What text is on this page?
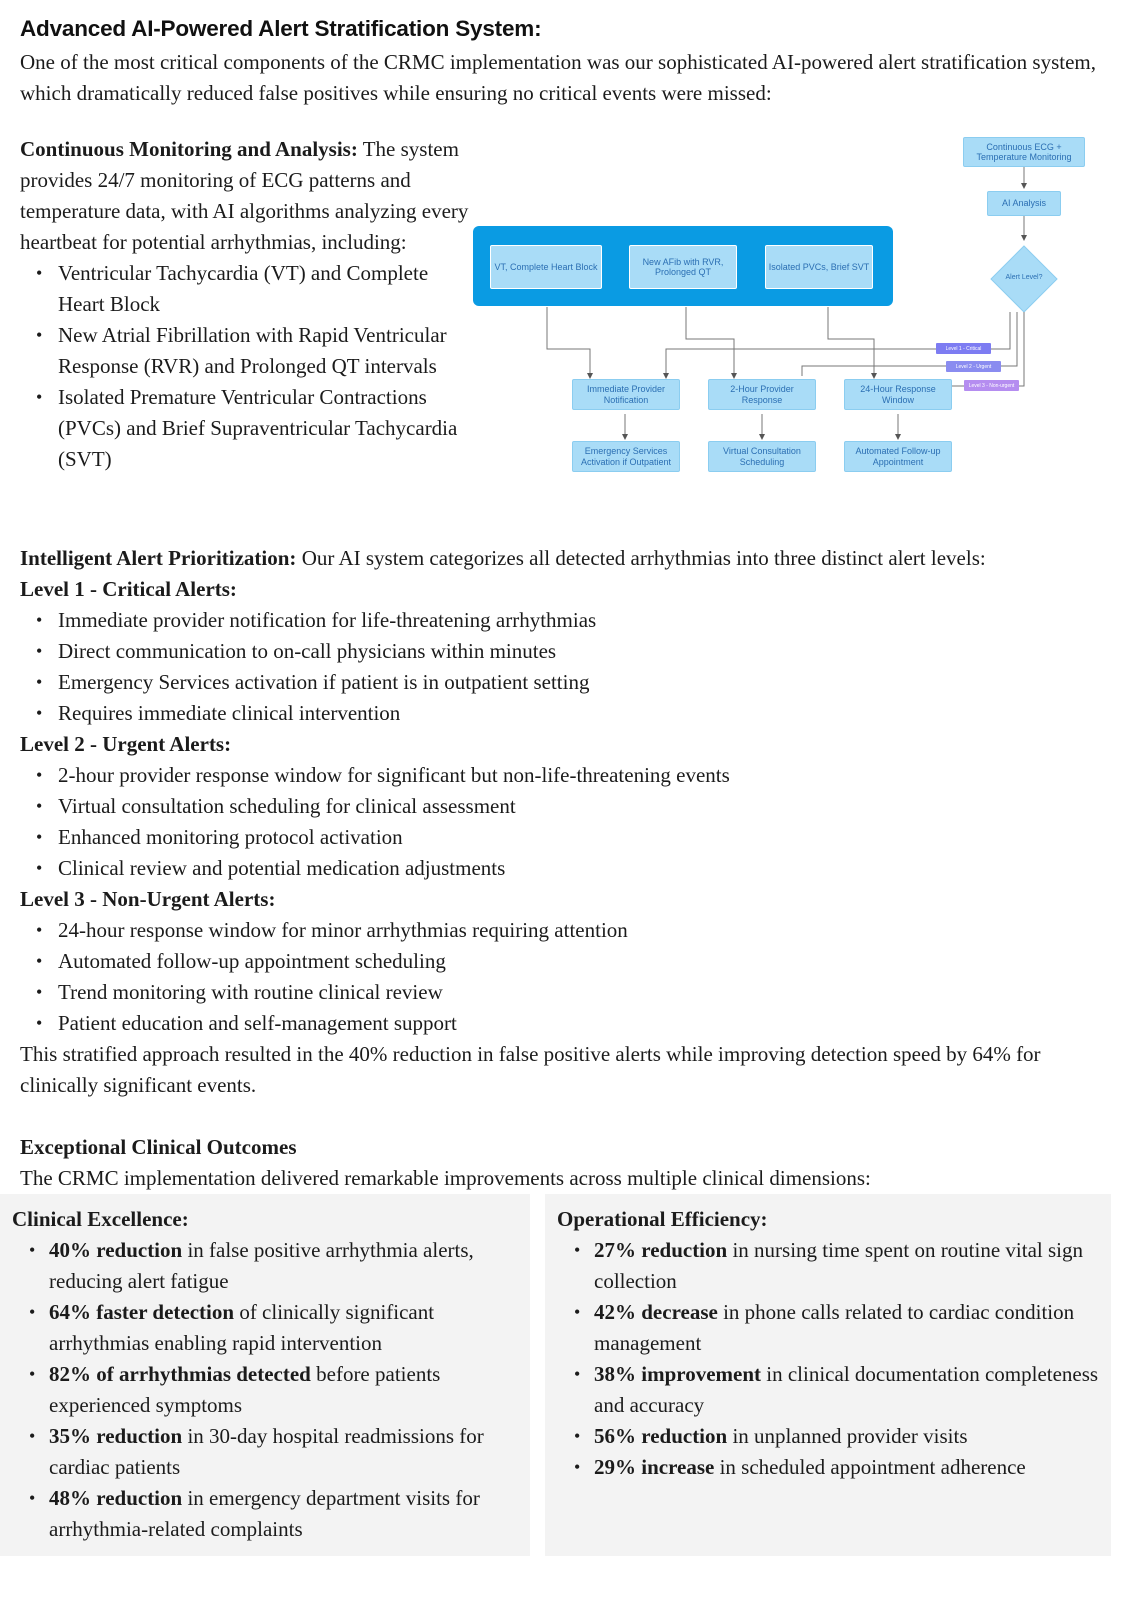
Advanced AI-Powered Alert Stratification System:

One of the most critical components of the CRMC implementation was our sophisticated AI-powered alert stratification system, which dramatically reduced false positives while ensuring no critical events were missed:

Continuous Monitoring and Analysis: The system provides 24/7 monitoring of ECG patterns and temperature data, with AI algorithms analyzing every heartbeat for potential arrhythmias, including:

• Ventricular Tachycardia (VT) and Complete Heart Block
• New Atrial Fibrillation with Rapid Ventricular Response (RVR) and Prolonged QT intervals
• Isolated Premature Ventricular Contractions (PVCs) and Brief Supraventricular Tachycardia (SVT)
Continuous ECG + Temperature Monitoring
AI Analysis
Alert Level?
VT, Complete Heart Block
New AFib with RVR, Prolonged QT
Isolated PVCs, Brief SVT
Level 1 - Critical
Level 2 - Urgent
Level 3 - Non-urgent
Immediate Provider Notification
2-Hour Provider Response
24-Hour Response Window
Emergency Services Activation if Outpatient
Virtual Consultation Scheduling
Automated Follow-up Appointment

Intelligent Alert Prioritization: Our AI system categorizes all detected arrhythmias into three distinct alert levels:

Level 1 - Critical Alerts:

• Immediate provider notification for life-threatening arrhythmias
• Direct communication to on-call physicians within minutes
• Emergency Services activation if patient is in outpatient setting
• Requires immediate clinical intervention

Level 2 - Urgent Alerts:

• 2-hour provider response window for significant but non-life-threatening events
• Virtual consultation scheduling for clinical assessment
• Enhanced monitoring protocol activation
• Clinical review and potential medication adjustments

Level 3 - Non-Urgent Alerts:

• 24-hour response window for minor arrhythmias requiring attention
• Automated follow-up appointment scheduling
• Trend monitoring with routine clinical review
• Patient education and self-management support

This stratified approach resulted in the 40% reduction in false positive alerts while improving detection speed by 64% for clinically significant events.

Exceptional Clinical Outcomes

The CRMC implementation delivered remarkable improvements across multiple clinical dimensions:

Clinical Excellence:

• 40% reduction in false positive arrhythmia alerts, reducing alert fatigue
• 64% faster detection of clinically significant arrhythmias enabling rapid intervention
• 82% of arrhythmias detected before patients experienced symptoms
• 35% reduction in 30-day hospital readmissions for cardiac patients
• 48% reduction in emergency department visits for arrhythmia-related complaints

Operational Efficiency:

• 27% reduction in nursing time spent on routine vital sign collection
• 42% decrease in phone calls related to cardiac condition management
• 38% improvement in clinical documentation completeness and accuracy
• 56% reduction in unplanned provider visits
• 29% increase in scheduled appointment adherence
